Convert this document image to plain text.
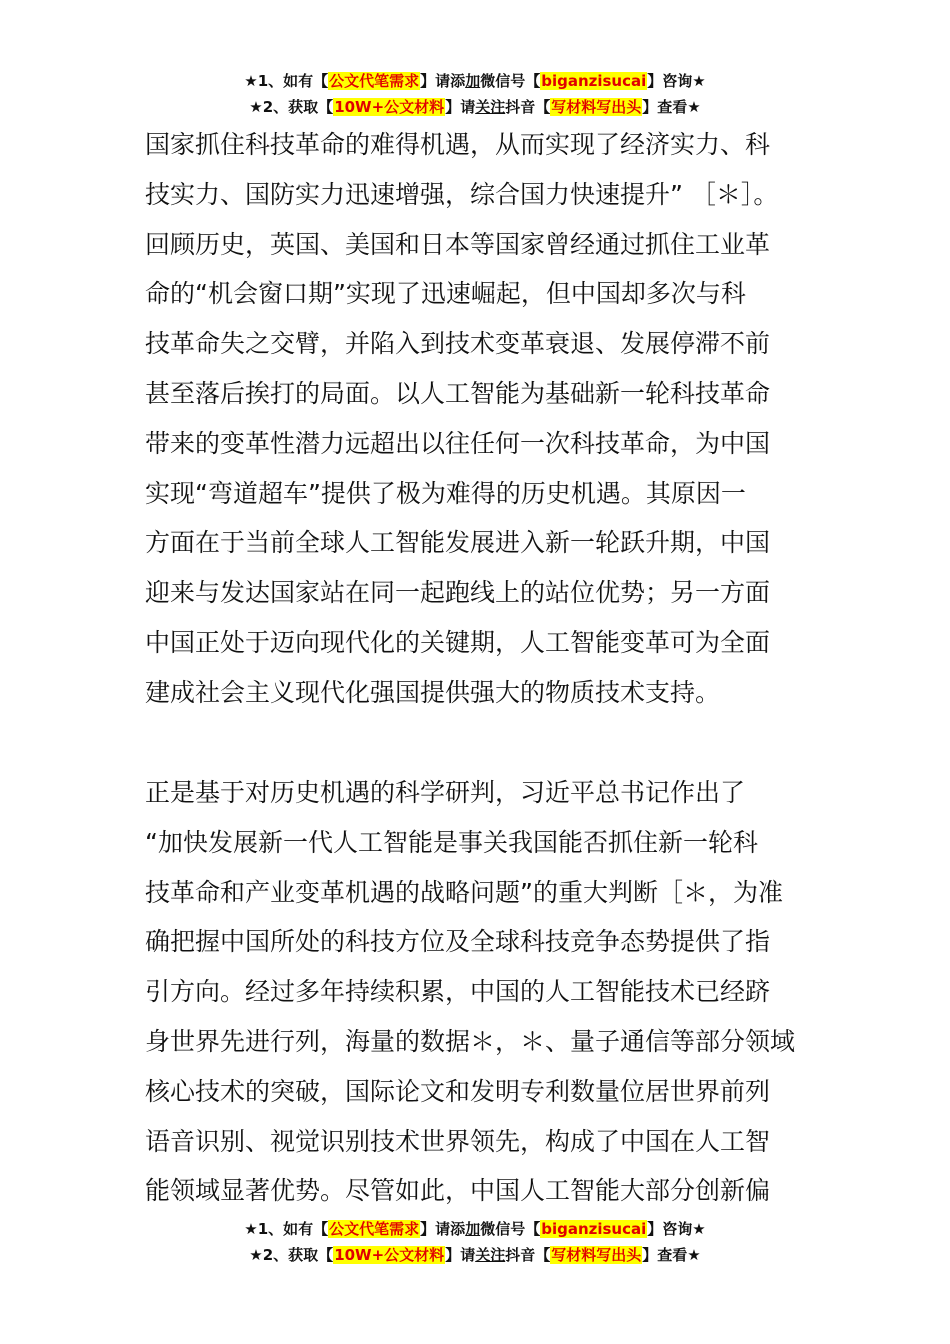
★1、如有【公文代笔需求】请添加微信号【biganzisucai】咨询★
★2、获取【10W+公文材料】请关注抖音【写材料写出头】查看★
国家抓住科技革命的难得机遇，从而实现了经济实力、科
技实力、国防实力迅速增强，综合国力快速提升” ［＊］。
回顾历史，英国、美国和日本等国家曾经通过抓住工业革
命的“机会窗口期”实现了迅速崛起，但中国却多次与科
技革命失之交臂，并陷入到技术变革衰退、发展停滞不前
甚至落后挨打的局面。以人工智能为基础新一轮科技革命
带来的变革性潜力远超出以往任何一次科技革命，为中国
实现“弯道超车”提供了极为难得的历史机遇。其原因一
方面在于当前全球人工智能发展进入新一轮跃升期，中国
迎来与发达国家站在同一起跑线上的站位优势；另一方面
中国正处于迈向现代化的关键期，人工智能变革可为全面
建成社会主义现代化强国提供强大的物质技术支持。
正是基于对历史机遇的科学研判，习近平总书记作出了
“加快发展新一代人工智能是事关我国能否抓住新一轮科
技革命和产业变革机遇的战略问题”的重大判断［＊，为准
确把握中国所处的科技方位及全球科技竞争态势提供了指
引方向。经过多年持续积累，中国的人工智能技术已经跻
身世界先进行列，海量的数据＊，＊、量子通信等部分领域
核心技术的突破，国际论文和发明专利数量位居世界前列
语音识别、视觉识别技术世界领先，构成了中国在人工智
能领域显著优势。尽管如此，中国人工智能大部分创新偏
★1、如有【公文代笔需求】请添加微信号【biganzisucai】咨询★
★2、获取【10W+公文材料】请关注抖音【写材料写出头】查看★
